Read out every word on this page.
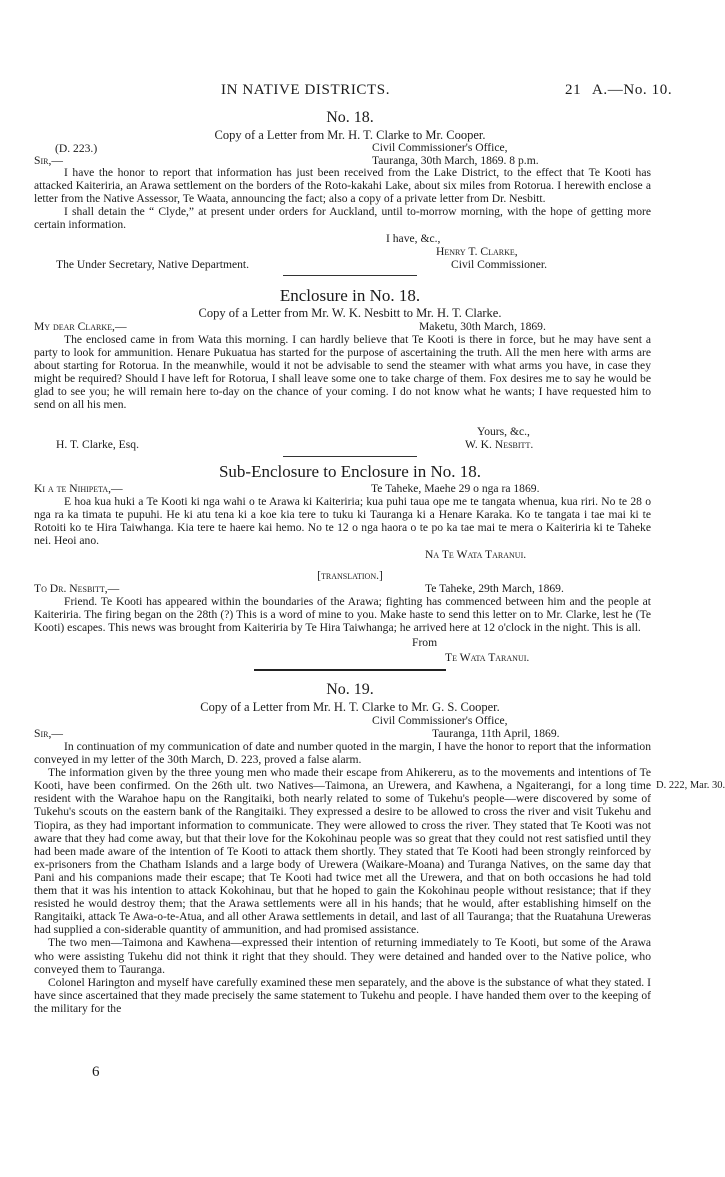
IN NATIVE DISTRICTS.	21 A.—No. 10.
No. 18.
Copy of a Letter from Mr. H. T. Clarke to Mr. Cooper.
(D. 223.)	Civil Commissioner's Office,
Sir,—	Tauranga, 30th March, 1869. 8 p.m.

I have the honor to report that information has just been received from the Lake District, to the effect that Te Kooti has attacked Kaiteriria, an Arawa settlement on the borders of the Roto-kakahi Lake, about six miles from Rotorua. I herewith enclose a letter from the Native Assessor, Te Waata, announcing the fact; also a copy of a private letter from Dr. Nesbitt.

I shall detain the “ Clyde,” at present under orders for Auckland, until to-morrow morning, with the hope of getting more certain information.

I have, &c.,
Henry T. Clarke,
The Under Secretary, Native Department.	Civil Commissioner.
Enclosure in No. 18.
Copy of a Letter from Mr. W. K. Nesbitt to Mr. H. T. Clarke.
My dear Clarke,—	Maketu, 30th March, 1869.

The enclosed came in from Wata this morning. I can hardly believe that Te Kooti is there in force, but he may have sent a party to look for ammunition. Henare Pukuatua has started for the purpose of ascertaining the truth. All the men here with arms are about starting for Rotorua. In the meanwhile, would it not be advisable to send the steamer with what arms you have, in case they might be required? Should I have left for Rotorua, I shall leave some one to take charge of them. Fox desires me to say he would be glad to see you; he will remain here to-day on the chance of your coming. I do not know what he wants; I have requested him to send on all his men.

Yours, &c.,
H. T. Clarke, Esq.	W. K. Nesbitt.
Sub-Enclosure to Enclosure in No. 18.
Ki a te Nihipeta,—	Te Taheke, Maehe 29 o nga ra 1869.

E hoa kua huki a Te Kooti ki nga wahi o te Arawa ki Kaiteriria; kua puhi taua ope me te tangata whenua, kua riri. No te 28 o nga ra ka timata te pupuhi. He ki atu tena ki a koe kia tere to tuku ki Tauranga ki a Henare Karaka. Ko te tangata i tae mai ki te Rotoiti ko te Hira Taiwhanga. Kia tere te haere kai hemo. No te 12 o nga haora o te po ka tae mai te mera o Kaiteriria ki te Taheke nei. Heoi ano.

Na Te Wata Taranui.
[translation.]
To Dr. Nesbitt,—	Te Taheke, 29th March, 1869.

Friend. Te Kooti has appeared within the boundaries of the Arawa; fighting has commenced between him and the people at Kaiteriria. The firing began on the 28th (?) This is a word of mine to you. Make haste to send this letter on to Mr. Clarke, lest he (Te Kooti) escapes. This news was brought from Kaiteriria by Te Hira Taiwhanga; he arrived here at 12 o'clock in the night. This is all.

From
Te Wata Taranui.
No. 19.
Copy of a Letter from Mr. H. T. Clarke to Mr. G. S. Cooper.
Civil Commissioner's Office,
Sir,—	Tauranga, 11th April, 1869.

In continuation of my communication of date and number quoted in the margin, I have the honor to report that the information conveyed in my letter of the 30th March, D. 223, proved a false alarm.

The information given by the three young men who made their escape from Ahikereru, as to the movements and intentions of Te Kooti, have been confirmed. On the 26th ult. two Natives—Taimona, an Urewera, and Kawhena, a Ngaiterangi, for a long time resident with the Warahoe hapu on the Rangitaiki, both nearly related to some of Tukehu's people—were discovered by some of Tukehu's scouts on the eastern bank of the Rangitaiki. They expressed a desire to be allowed to cross the river and visit Tukehu and Tiopira, as they had important information to communicate. They were allowed to cross the river. They stated that Te Kooti was not aware that they had come away, but that their love for the Kokohinau people was so great that they could not rest satisfied until they had been made aware of the intention of Te Kooti to attack them shortly. They stated that Te Kooti had been strongly reinforced by ex-prisoners from the Chatham Islands and a large body of Urewera (Waikare-Moana) and Turanga Natives, on the same day that Pani and his companions made their escape; that Te Kooti had twice met all the Urewera, and that on both occasions he had told them that it was his intention to attack Kokohinau, but that he hoped to gain the Kokohinau people without resistance; that if they resisted he would destroy them; that the Arawa settlements were all in his hands; that he would, after establishing himself on the Rangitaiki, attack Te Awa-o-te-Atua, and all other Arawa settlements in detail, and last of all Tauranga; that the Ruatahuna Ureweras had supplied a con-siderable quantity of ammunition, and had promised assistance.

The two men—Taimona and Kawhena—expressed their intention of returning immediately to Te Kooti, but some of the Arawa who were assisting Tukehu did not think it right that they should. They were detained and handed over to the Native police, who conveyed them to Tauranga.

Colonel Harington and myself have carefully examined these men separately, and the above is the substance of what they stated. I have since ascertained that they made precisely the same statement to Tukehu and people. I have handed them over to the keeping of the military for the

D. 222, Mar. 30.
6
